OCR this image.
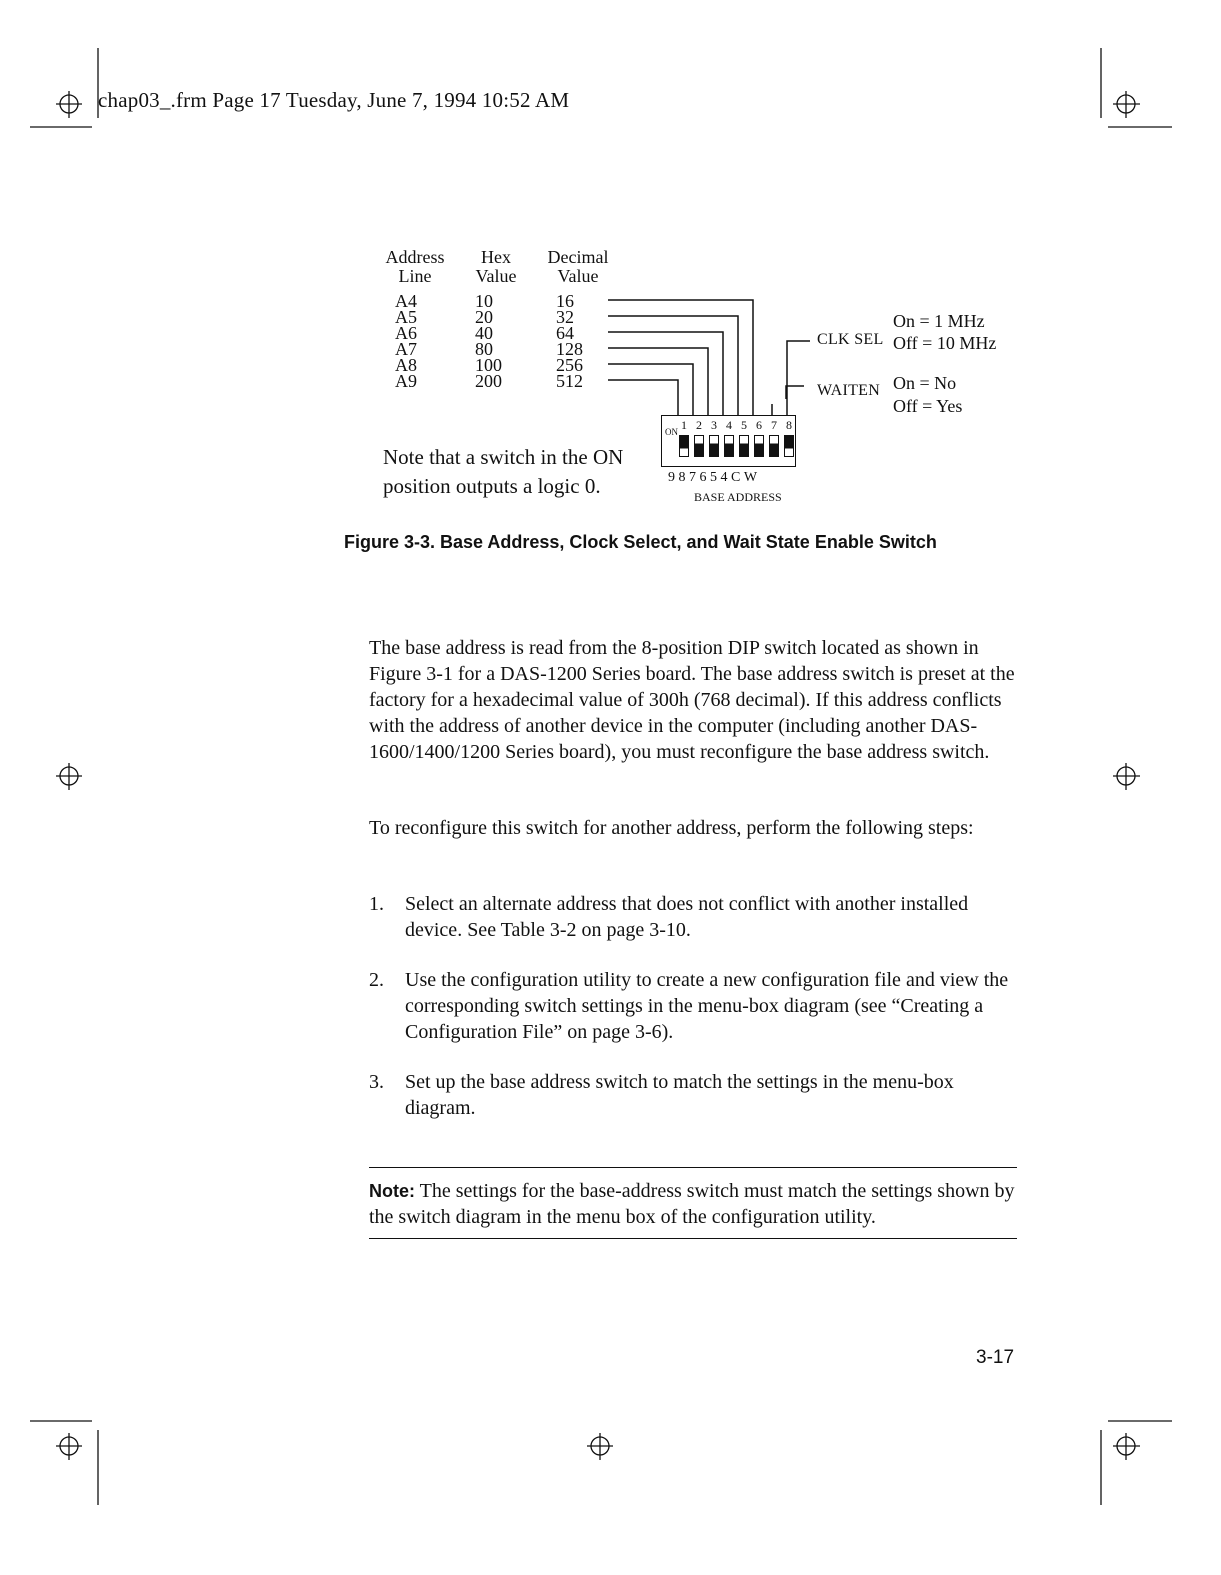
chap03_.frm Page 17 Tuesday, June 7, 1994 10:52 AM
Address
Line
Hex
Value
Decimal
Value
A4	10	16
A5	20	32
A6	40	64
A7	80	128
A8	100	256
A9	200	512
CLK SEL
On = 1 MHz
Off = 10 MHz
WAITEN On = No
Off = Yes
ON 1 2 3 4 5 6 7 8
987654CW
BASE ADDRESS
Note that a switch in the ON
position outputs a logic 0.
Figure 3-3. Base Address, Clock Select, and Wait State Enable Switch
The base address is read from the 8-position DIP switch located as shown in Figure 3-1 for a DAS-1200 Series board. The base address switch is preset at the factory for a hexadecimal value of 300h (768 decimal). If this address conflicts with the address of another device in the computer (including another DAS-1600/1400/1200 Series board), you must reconfigure the base address switch.
To reconfigure this switch for another address, perform the following steps:
1. Select an alternate address that does not conflict with another installed device. See Table 3-2 on page 3-10.
2. Use the configuration utility to create a new configuration file and view the corresponding switch settings in the menu-box diagram (see “Creating a Configuration File” on page 3-6).
3. Set up the base address switch to match the settings in the menu-box diagram.
Note: The settings for the base-address switch must match the settings shown by the switch diagram in the menu box of the configuration utility.
3-17
